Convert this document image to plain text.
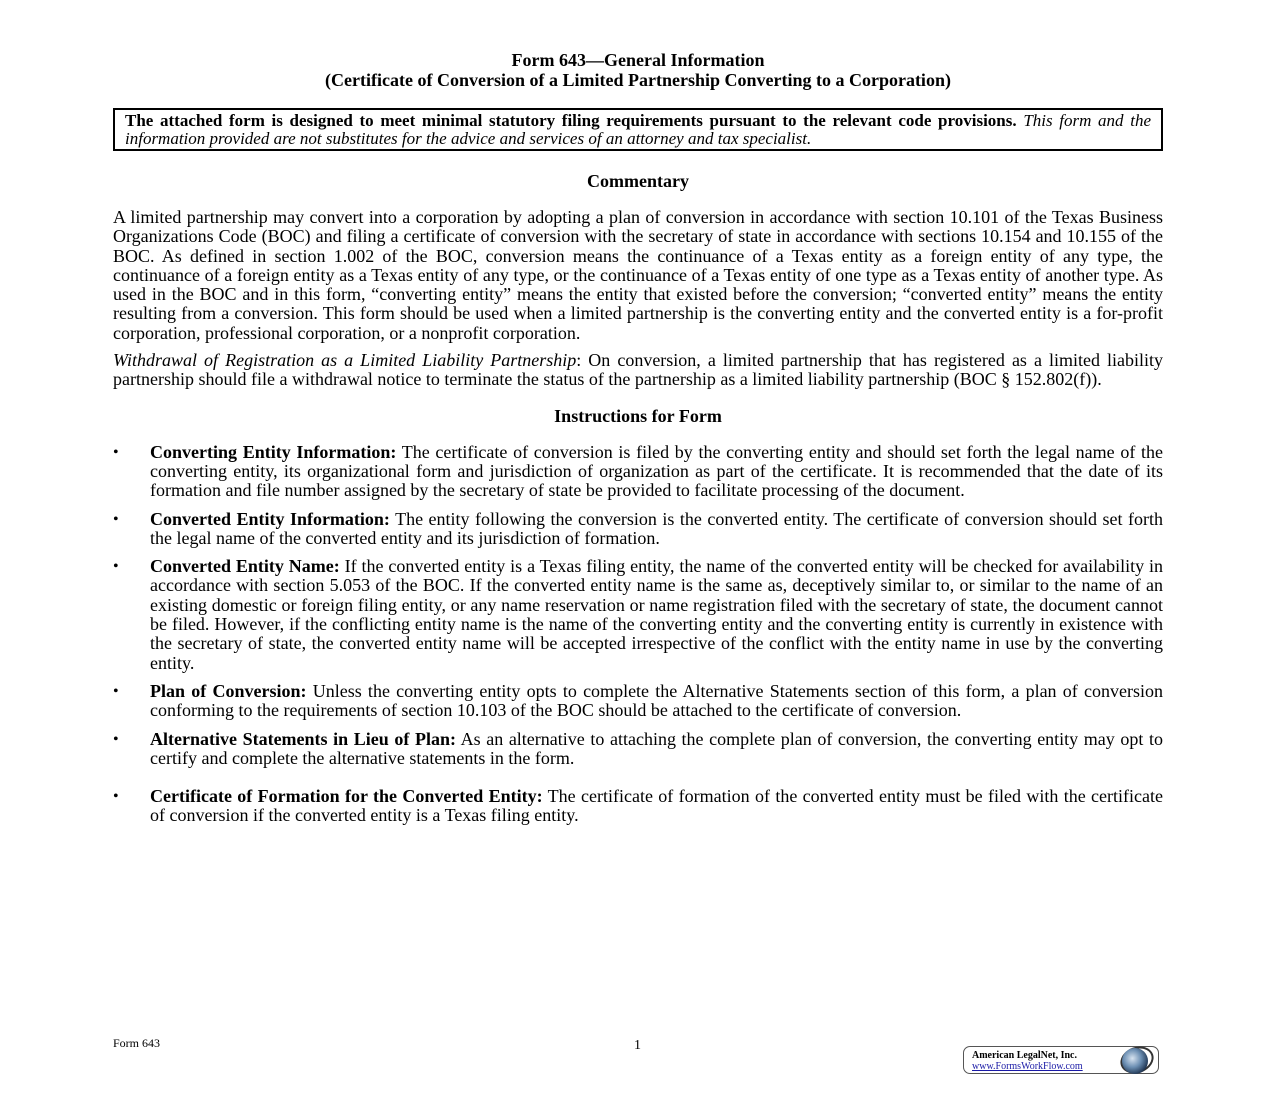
Form 643—General Information

(Certificate of Conversion of a Limited Partnership Converting to a Corporation)

The attached form is designed to meet minimal statutory filing requirements pursuant to the relevant code provisions. This form and the information provided are not substitutes for the advice and services of an attorney and tax specialist.

Commentary

A limited partnership may convert into a corporation by adopting a plan of conversion in accordance with section 10.101 of the Texas Business Organizations Code (BOC) and filing a certificate of conversion with the secretary of state in accordance with sections 10.154 and 10.155 of the BOC. As defined in section 1.002 of the BOC, conversion means the continuance of a Texas entity as a foreign entity of any type, the continuance of a foreign entity as a Texas entity of any type, or the continuance of a Texas entity of one type as a Texas entity of another type. As used in the BOC and in this form, “converting entity” means the entity that existed before the conversion; “converted entity” means the entity resulting from a conversion. This form should be used when a limited partnership is the converting entity and the converted entity is a for-profit corporation, professional corporation, or a nonprofit corporation.

Withdrawal of Registration as a Limited Liability Partnership: On conversion, a limited partnership that has registered as a limited liability partnership should file a withdrawal notice to terminate the status of the partnership as a limited liability partnership (BOC § 152.802(f)).

Instructions for Form

• Converting Entity Information: The certificate of conversion is filed by the converting entity and should set forth the legal name of the converting entity, its organizational form and jurisdiction of organization as part of the certificate. It is recommended that the date of its formation and file number assigned by the secretary of state be provided to facilitate processing of the document.
• Converted Entity Information: The entity following the conversion is the converted entity. The certificate of conversion should set forth the legal name of the converted entity and its jurisdiction of formation.
• Converted Entity Name: If the converted entity is a Texas filing entity, the name of the converted entity will be checked for availability in accordance with section 5.053 of the BOC. If the converted entity name is the same as, deceptively similar to, or similar to the name of an existing domestic or foreign filing entity, or any name reservation or name registration filed with the secretary of state, the document cannot be filed. However, if the conflicting entity name is the name of the converting entity and the converting entity is currently in existence with the secretary of state, the converted entity name will be accepted irrespective of the conflict with the entity name in use by the converting entity.
• Plan of Conversion: Unless the converting entity opts to complete the Alternative Statements section of this form, a plan of conversion conforming to the requirements of section 10.103 of the BOC should be attached to the certificate of conversion.
• Alternative Statements in Lieu of Plan: As an alternative to attaching the complete plan of conversion, the converting entity may opt to certify and complete the alternative statements in the form.
• Certificate of Formation for the Converted Entity: The certificate of formation of the converted entity must be filed with the certificate of conversion if the converted entity is a Texas filing entity.
Form 643	1
American LegalNet, Inc.
www.FormsWorkFlow.com
